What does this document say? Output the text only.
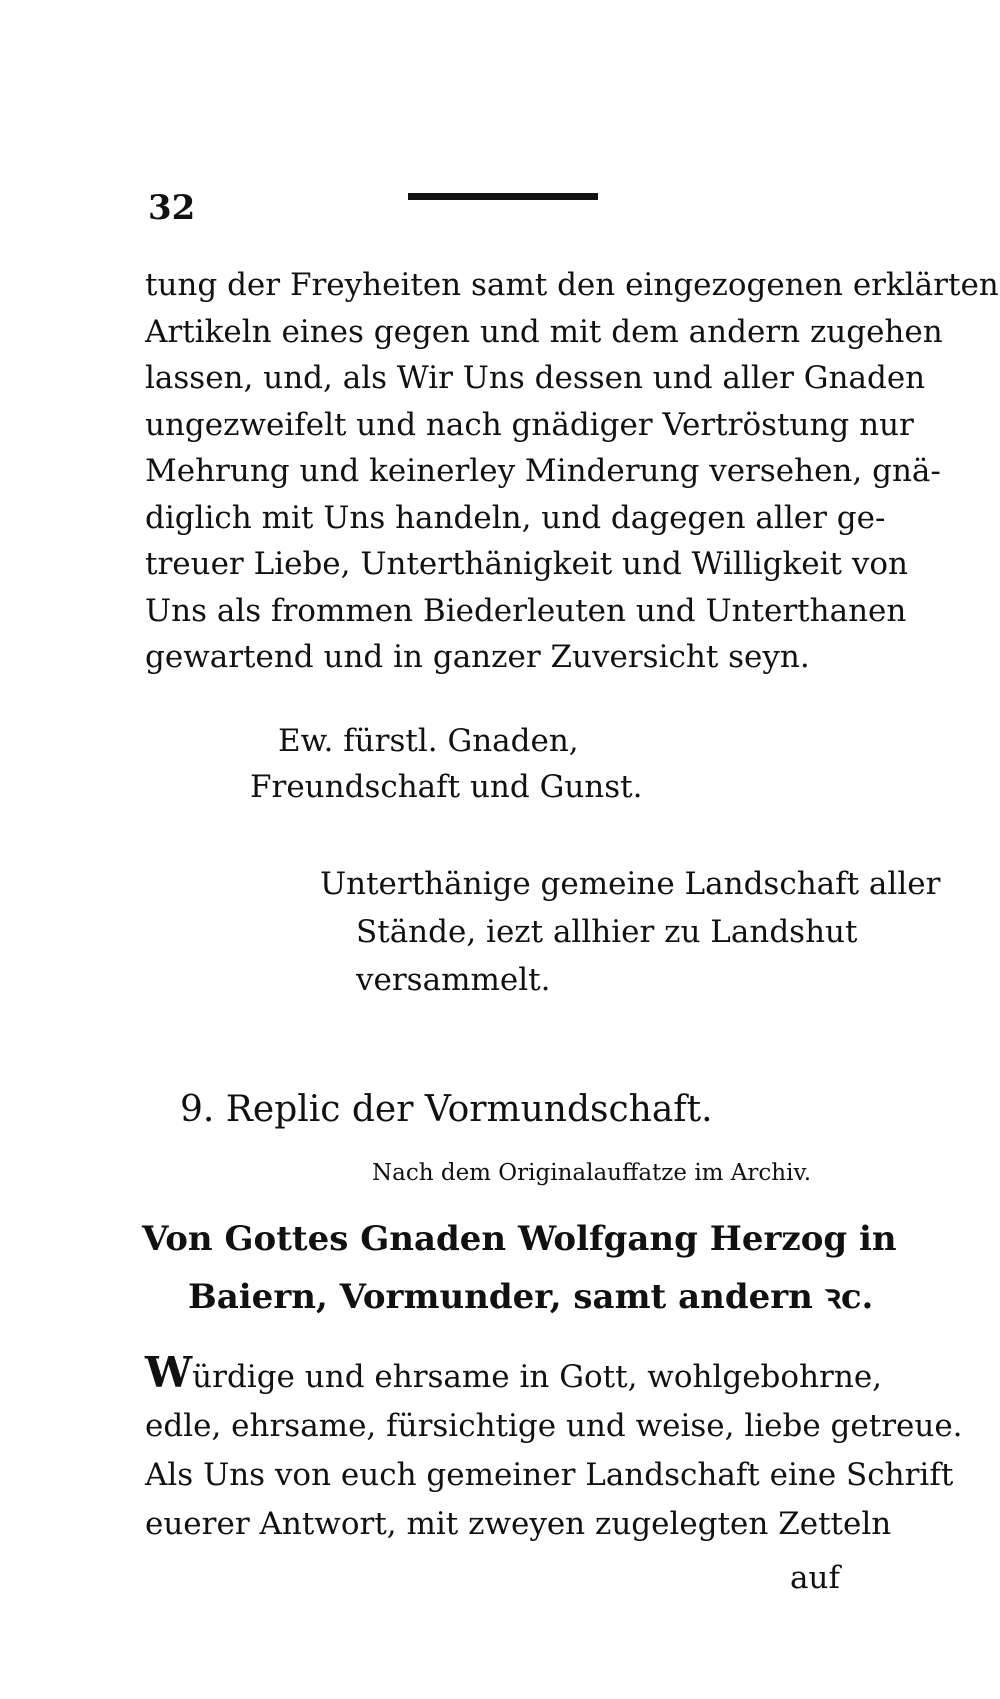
32
tung der Freyheiten samt den eingezogenen erklärten
Artikeln eines gegen und mit dem andern zugehen
lassen, und, als Wir Uns dessen und aller Gnaden
ungezweifelt und nach gnädiger Vertröstung nur
Mehrung und keinerley Minderung versehen, gnä-
diglich mit Uns handeln, und dagegen aller ge-
treuer Liebe, Unterthänigkeit und Willigkeit von
Uns als frommen Biederleuten und Unterthanen
gewartend und in ganzer Zuversicht seyn.
Ew. fürstl. Gnaden,
Freundschaft und Gunst.
Unterthänige gemeine Landschaft aller
Stände, iezt allhier zu Landshut
versammelt.
9. Replic der Vormundschaft.
Nach dem Originalauffatze im Archiv.
Von Gottes Gnaden Wolfgang Herzog in
Baiern, Vormunder, samt andern ꝛc.
Würdige und ehrsame in Gott, wohlgebohrne,
edle, ehrsame, fürsichtige und weise, liebe getreue.
Als Uns von euch gemeiner Landschaft eine Schrift
euerer Antwort, mit zweyen zugelegten Zetteln
auf
